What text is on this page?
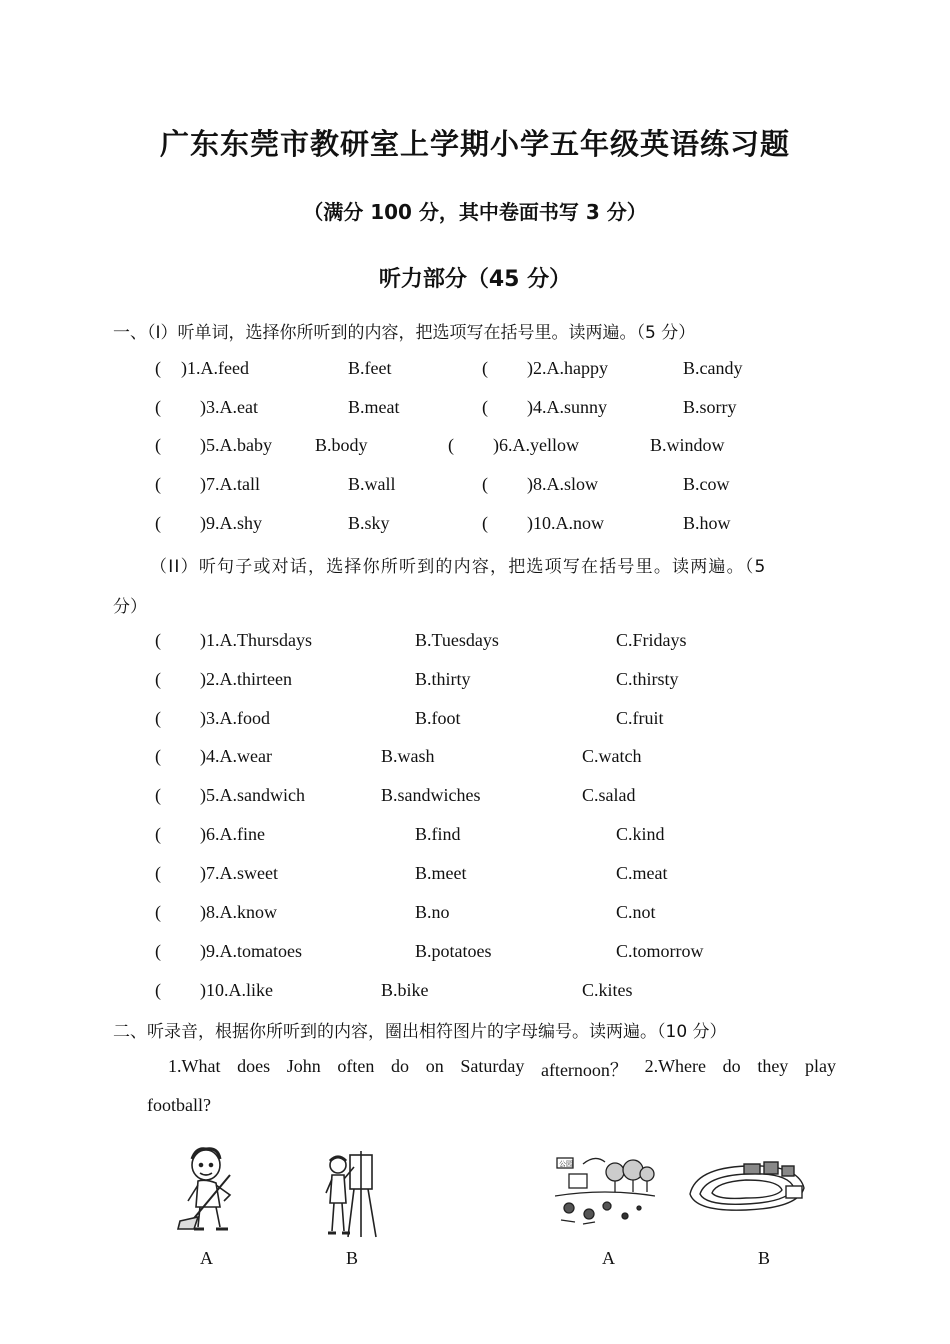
广东东莞市教研室上学期小学五年级英语练习题
（满分 100 分，其中卷面书写 3 分）
听力部分（45 分）
一、（I）听单词，选择你所听到的内容，把选项写在括号里。读两遍。（5 分）
( )1.A.feed	B.feet	( )2.A.happy	B.candy
( )3.A.eat	B.meat	( )4.A.sunny	B.sorry
( )5.A.baby B.body	( )6.A.yellow	B.window
( )7.A.tall	B.wall	( )8.A.slow	B.cow
( )9.A.shy	B.sky	( )10.A.now	B.how
（II）听句子或对话，选择你所听到的内容，把选项写在括号里。读两遍。（5
分）
( )1.A.Thursdays	B.Tuesdays	C.Fridays
( )2.A.thirteen	B.thirty	C.thirsty
( )3.A.food	B.foot	C.fruit
( )4.A.wear	B.wash	C.watch
( )5.A.sandwich	B.sandwiches	C.salad
( )6.A.fine	B.find	C.kind
( )7.A.sweet	B.meet	C.meat
( )8.A.know	B.no	C.not
( )9.A.tomatoes	B.potatoes	C.tomorrow
( )10.A.like	B.bike	C.kites
二、听录音，根据你所听到的内容，圈出相符图片的字母编号。读两遍。（10 分）
1.What does John often do on Saturday afternoon？ 2.Where do they play
football?
公园
A	B	A	B
